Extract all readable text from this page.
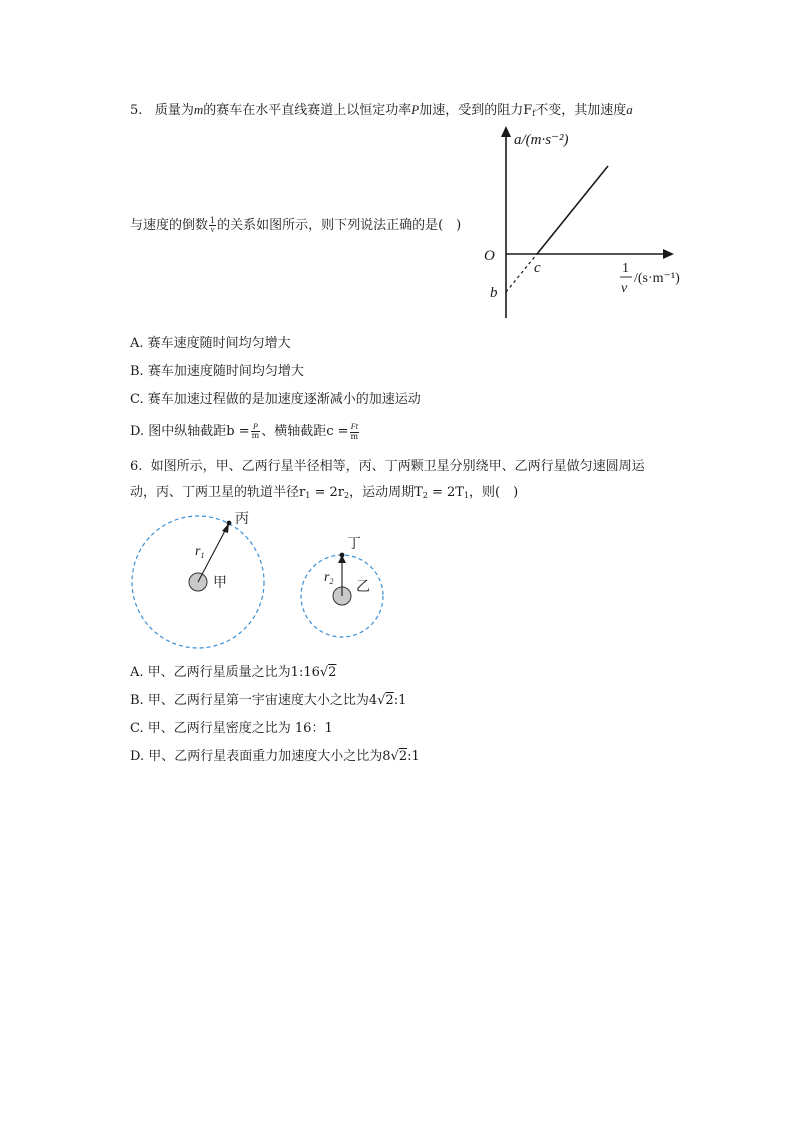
5. 质量为m的赛车在水平直线赛道上以恒定功率P加速，受到的阻力$F_f$不变，其加速度a
与速度的倒数 $\frac{1}{v}$ 的关系如图所示，则下列说法正确的是(　)
a/(m·s⁻²)
O
c
b
1
v
/(s·m⁻¹)
A. 赛车速度随时间均匀增大
B. 赛车加速度随时间均匀增大
C. 赛车加速过程做的是加速度逐渐减小的加速运动
D. 图中纵轴截距$b = \frac{P}{m}$ 、横轴截距$c = \frac{Ff}{m}$
6. 如图所示，甲、乙两行星半径相等，丙、丁两颗卫星分别绕甲、乙两行星做匀速圆周运
动，丙、丁两卫星的轨道半径$r_1 = 2r_2$，运动周期$T_2 = 2T_1$，则(　)
丙
甲
$r_1$
丁
乙
$r_2$
A. 甲、乙两行星质量之比为1:16√2
B. 甲、乙两行星第一宇宙速度大小之比为4√2:1
C. 甲、乙两行星密度之比为 16：1
D. 甲、乙两行星表面重力加速度大小之比为8√2:1
